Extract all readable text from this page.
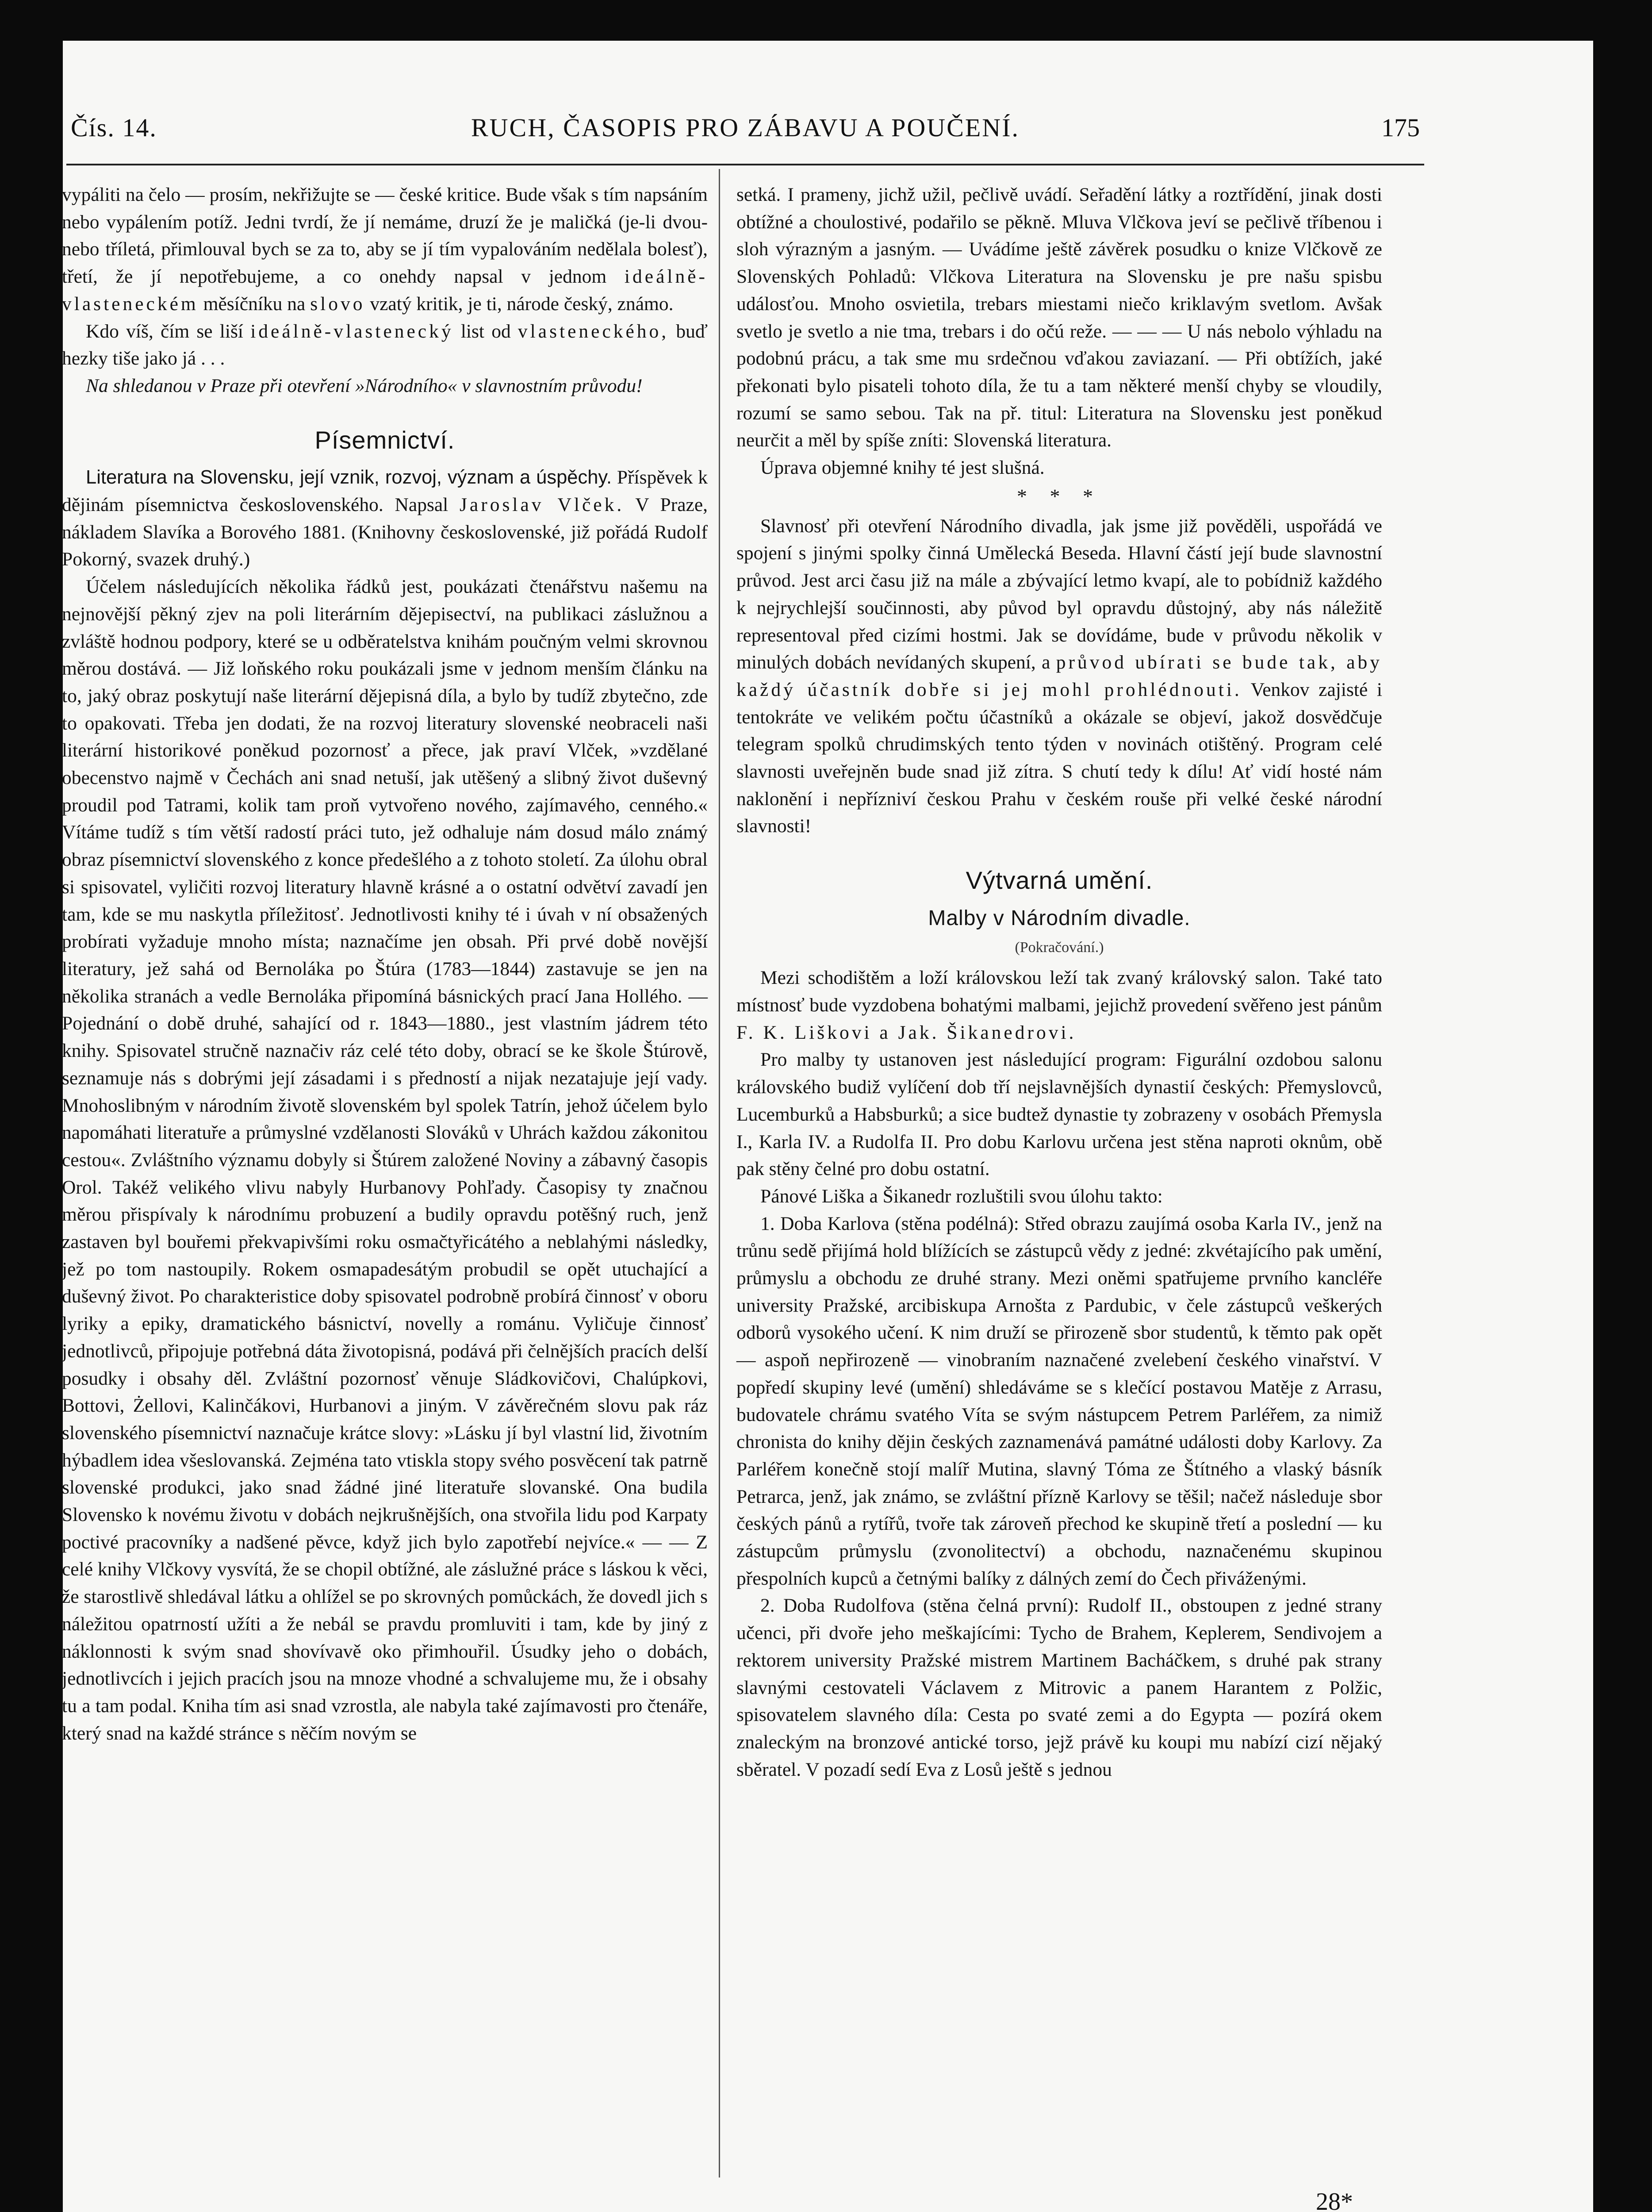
Čís. 14.	RUCH, ČASOPIS PRO ZÁBAVU A POUČENÍ.	175

vypáliti na čelo — prosím, nekřižujte se — české kritice. Bude však s tím napsáním nebo vypálením potíž. Jedni tvrdí, že jí nemáme, druzí že je maličká (je-li dvou- nebo tříletá, přimlouval bych se za to, aby se jí tím vypalováním nedělala bolesť), třetí, že jí nepotřebujeme, a co onehdy napsal v jednom ideálně-vlasteneckém měsíčníku na slovo vzatý kritik, je ti, národe český, známo.

Kdo víš, čím se liší ideálně-vlastenecký list od vlasteneckého, buď hezky tiše jako já . . .

Na shledanou v Praze při otevření »Národního« v slavnostním průvodu!

Písemnictví.

Literatura na Slovensku, její vznik, rozvoj, význam a úspěchy. Příspěvek k dějinám písemnictva československého. Napsal Jaroslav Vlček. V Praze, nákladem Slavíka a Borového 1881. (Knihovny československé, již pořádá Rudolf Pokorný, svazek druhý.)

Účelem následujících několika řádků jest, poukázati čtenářstvu našemu na nejnovější pěkný zjev na poli literárním dějepisectví, na publikaci záslužnou a zvláště hodnou podpory, které se u odběratelstva knihám poučným velmi skrovnou měrou dostává. — Již loňského roku poukázali jsme v jednom menším článku na to, jaký obraz poskytují naše literární dějepisná díla, a bylo by tudíž zbytečno, zde to opakovati. Třeba jen dodati, že na rozvoj literatury slovenské neobraceli naši literární historikové poněkud pozornosť a přece, jak praví Vlček, »vzdělané obecenstvo najmě v Čechách ani snad netuší, jak utěšený a slibný život duševný proudil pod Tatrami, kolik tam proň vytvořeno nového, zajímavého, cenného.« Vítáme tudíž s tím větší radostí práci tuto, jež odhaluje nám dosud málo známý obraz písemnictví slovenského z konce předešlého a z tohoto století. Za úlohu obral si spisovatel, vyličiti rozvoj literatury hlavně krásné a o ostatní odvětví zavadí jen tam, kde se mu naskytla příležitosť. Jednotlivosti knihy té i úvah v ní obsažených probírati vyžaduje mnoho místa; naznačíme jen obsah. Při prvé době novější literatury, jež sahá od Bernoláka po Štúra (1783—1844) zastavuje se jen na několika stranách a vedle Bernoláka připomíná básnických prací Jana Hollého. — Pojednání o době druhé, sahající od r. 1843—1880., jest vlastním jádrem této knihy. Spisovatel stručně naznačiv ráz celé této doby, obrací se ke škole Štúrově, seznamuje nás s dobrými její zásadami i s předností a nijak nezatajuje její vady. Mnohoslibným v národním životě slovenském byl spolek Tatrín, jehož účelem bylo napomáhati literatuře a průmyslné vzdělanosti Slováků v Uhrách každou zákonitou cestou«. Zvláštního významu dobyly si Štúrem založené Noviny a zábavný časopis Orol. Takéž velikého vlivu nabyly Hurbanovy Pohľady. Časopisy ty značnou měrou přispívaly k národnímu probuzení a budily opravdu potěšný ruch, jenž zastaven byl bouřemi překvapivšími roku osmačtyřicátého a neblahými následky, jež po tom nastoupily. Rokem osmapadesátým probudil se opět utuchající a duševný život. Po charakteristice doby spisovatel podrobně probírá činnosť v oboru lyriky a epiky, dramatického básnictví, novelly a románu. Vyličuje činnosť jednotlivců, připojuje potřebná dáta životopisná, podává při čelnějších pracích delší posudky i obsahy děl. Zvláštní pozornosť věnuje Sládkovičovi, Chalúpkovi, Bottovi, Żellovi, Kalinčákovi, Hurbanovi a jiným. V závěrečném slovu pak ráz slovenského písemnictví naznačuje krátce slovy: »Lásku jí byl vlastní lid, životním hýbadlem idea všeslovanská. Zejména tato vtiskla stopy svého posvěcení tak patrně slovenské produkci, jako snad žádné jiné literatuře slovanské. Ona budila Slovensko k novému životu v dobách nejkrušnějších, ona stvořila lidu pod Karpaty poctivé pracovníky a nadšené pěvce, když jich bylo zapotřebí nejvíce.« — — Z celé knihy Vlčkovy vysvítá, že se chopil obtížné, ale záslužné práce s láskou k věci, že starostlivě shledával látku a ohlížel se po skrovných pomůckách, že dovedl jich s náležitou opatrností užíti a že nebál se pravdu promluviti i tam, kde by jiný z náklonnosti k svým snad shovívavě oko přimhouřil. Úsudky jeho o dobách, jednotlivcích i jejich pracích jsou na mnoze vhodné a schvalujeme mu, že i obsahy tu a tam podal. Kniha tím asi snad vzrostla, ale nabyla také zajímavosti pro čtenáře, který snad na každé stránce s něčím novým se

setká. I prameny, jichž užil, pečlivě uvádí. Seřadění látky a roztřídění, jinak dosti obtížné a choulostivé, podařilo se pěkně. Mluva Vlčkova jeví se pečlivě tříbenou i sloh výrazným a jasným. — Uvádíme ještě závěrek posudku o knize Vlčkově ze Slovenských Pohladů: Vlčkova Literatura na Slovensku je pre našu spisbu událosťou. Mnoho osvietila, trebars miestami niečo kriklavým svetlom. Avšak svetlo je svetlo a nie tma, trebars i do očú reže. — — — U nás nebolo výhladu na podobnú prácu, a tak sme mu srdečnou vďakou zaviazaní. — Při obtížích, jaké překonati bylo pisateli tohoto díla, že tu a tam některé menší chyby se vloudily, rozumí se samo sebou. Tak na př. titul: Literatura na Slovensku jest poněkud neurčit a měl by spíše zníti: Slovenská literatura.

Úprava objemné knihy té jest slušná.

* * *

Slavnosť při otevření Národního divadla, jak jsme již pověděli, uspořádá ve spojení s jinými spolky činná Umělecká Beseda. Hlavní částí její bude slavnostní průvod. Jest arci času již na mále a zbývající letmo kvapí, ale to pobídniž každého k nejrychlejší součinnosti, aby původ byl opravdu důstojný, aby nás náležitě representoval před cizími hostmi. Jak se dovídáme, bude v průvodu několik v minulých dobách nevídaných skupení, a průvod ubírati se bude tak, aby každý účastník dobře si jej mohl prohlédnouti. Venkov zajisté i tentokráte ve velikém počtu účastníků a okázale se objeví, jakož dosvědčuje telegram spolků chrudimských tento týden v novinách otištěný. Program celé slavnosti uveřejněn bude snad již zítra. S chutí tedy k dílu! Ať vidí hosté nám naklonění i nepřízniví českou Prahu v českém rouše při velké české národní slavnosti!

Výtvarná umění.
Malby v Národním divadle.
(Pokračování.)

Mezi schodištěm a loží královskou leží tak zvaný královský salon. Také tato místnosť bude vyzdobena bohatými malbami, jejichž provedení svěřeno jest pánům F. K. Liškovi a Jak. Šikanedrovi.

Pro malby ty ustanoven jest následující program: Figurální ozdobou salonu královského budiž vylíčení dob tří nejslavnějších dynastií českých: Přemyslovců, Lucemburků a Habsburků; a sice budtež dynastie ty zobrazeny v osobách Přemysla I., Karla IV. a Rudolfa II. Pro dobu Karlovu určena jest stěna naproti oknům, obě pak stěny čelné pro dobu ostatní.

Pánové Liška a Šikanedr rozluštili svou úlohu takto:

1. Doba Karlova (stěna podélná): Střed obrazu zaujímá osoba Karla IV., jenž na trůnu sedě přijímá hold blížících se zástupců vědy z jedné: zkvétajícího pak umění, průmyslu a obchodu ze druhé strany. Mezi oněmi spatřujeme prvního kancléře university Pražské, arcibiskupa Arnošta z Pardubic, v čele zástupců veškerých odborů vysokého učení. K nim druží se přirozeně sbor studentů, k těmto pak opět — aspoň nepřirozeně — vinobraním naznačené zvelebení českého vinařství. V popředí skupiny levé (umění) shledáváme se s klečící postavou Matěje z Arrasu, budovatele chrámu svatého Víta se svým nástupcem Petrem Parléřem, za nimiž chronista do knihy dějin českých zaznamenává památné události doby Karlovy. Za Parléřem konečně stojí malíř Mutina, slavný Tóma ze Štítného a vlaský básník Petrarca, jenž, jak známo, se zvláštní přízně Karlovy se těšil; načež následuje sbor českých pánů a rytířů, tvoře tak zároveň přechod ke skupině třetí a poslední — ku zástupcům průmyslu (zvonolitectví) a obchodu, naznačenému skupinou přespolních kupců a četnými balíky z dálných zemí do Čech přiváženými.

2. Doba Rudolfova (stěna čelná první): Rudolf II., obstoupen z jedné strany učenci, při dvoře jeho meškajícími: Tycho de Brahem, Keplerem, Sendivojem a rektorem university Pražské mistrem Martinem Bacháčkem, s druhé pak strany slavnými cestovateli Václavem z Mitrovic a panem Harantem z Polžic, spisovatelem slavného díla: Cesta po svaté zemi a do Egypta — pozírá okem znaleckým na bronzové antické torso, jejž právě ku koupi mu nabízí cizí nějaký sběratel. V pozadí sedí Eva z Losů ještě s jednou

28*
